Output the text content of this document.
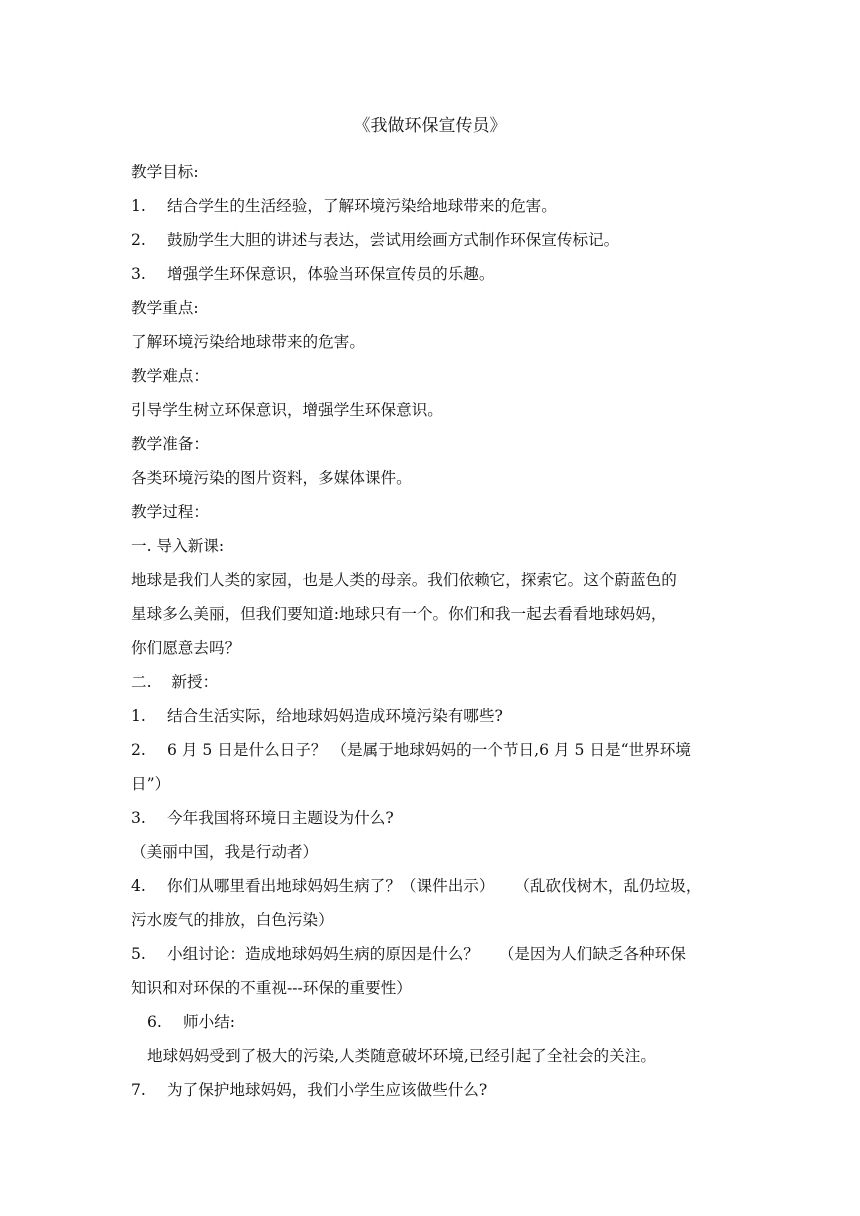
《我做环保宣传员》

教学目标:

1. 结合学生的生活经验，了解环境污染给地球带来的危害。

2. 鼓励学生大胆的讲述与表达，尝试用绘画方式制作环保宣传标记。

3. 增强学生环保意识，体验当环保宣传员的乐趣。

教学重点:

了解环境污染给地球带来的危害。

教学难点：

引导学生树立环保意识，增强学生环保意识。

教学准备：

各类环境污染的图片资料，多媒体课件。

教学过程：

一. 导入新课:

地球是我们人类的家园，也是人类的母亲。我们依赖它，探索它。这个蔚蓝色的

星球多么美丽，但我们要知道:地球只有一个。你们和我一起去看看地球妈妈，

你们愿意去吗？

二.    新授：

1. 结合生活实际，给地球妈妈造成环境污染有哪些?

2. 6 月 5 日是什么日子？ （是属于地球妈妈的一个节日,6 月 5 日是“世界环境

日”）

3. 今年我国将环境日主题设为什么?

（美丽中国，我是行动者）

4. 你们从哪里看出地球妈妈生病了？（课件出示）    （乱砍伐树木，乱仍垃圾，

污水废气的排放，白色污染）

5. 小组讨论：造成地球妈妈生病的原因是什么？    （是因为人们缺乏各种环保

知识和对环保的不重视---环保的重要性）

6. 师小结:

地球妈妈受到了极大的污染,人类随意破坏环境,已经引起了全社会的关注。

7. 为了保护地球妈妈，我们小学生应该做些什么?
